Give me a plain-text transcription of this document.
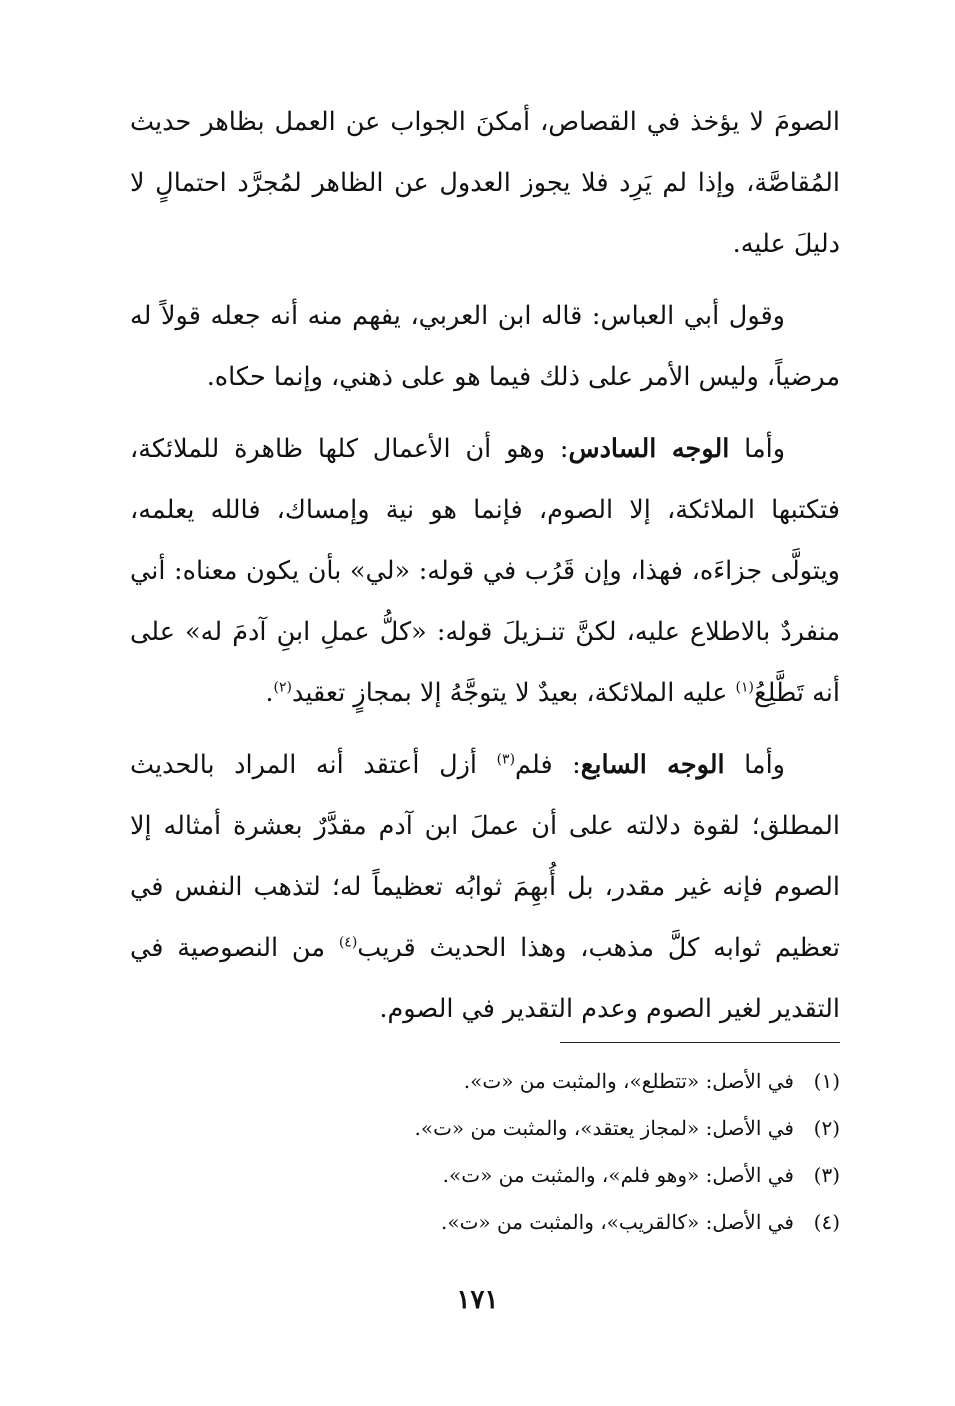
الصومَ لا يؤخذ في القصاص، أمكنَ الجواب عن العمل بظاهر حديث المُقاصَّة، وإذا لم يَرِد فلا يجوز العدول عن الظاهر لمُجرَّد احتمالٍ لا دليلَ عليه.

وقول أبي العباس: قاله ابن العربي، يفهم منه أنه جعله قولاً له مرضياً، وليس الأمر على ذلك فيما هو على ذهني، وإنما حكاه.

وأما الوجه السادس: وهو أن الأعمال كلها ظاهرة للملائكة، فتكتبها الملائكة، إلا الصوم، فإنما هو نية وإمساك، فالله يعلمه، ويتولَّى جزاءَه، فهذا، وإن قَرُب في قوله: «لي» بأن يكون معناه: أني منفردٌ بالاطلاع عليه، لكنَّ تنـزيلَ قوله: «كلُّ عملِ ابنِ آدمَ له» على أنه تَطَّلِعُ$^{(١)}$ عليه الملائكة، بعيدٌ لا يتوجَّهُ إلا بمجازٍ تعقيد$^{(٢)}$.

وأما الوجه السابع: فلم$^{(٣)}$ أزل أعتقد أنه المراد بالحديث المطلق؛ لقوة دلالته على أن عملَ ابن آدم مقدَّرٌ بعشرة أمثاله إلا الصوم فإنه غير مقدر، بل أُبهِمَ ثوابُه تعظيماً له؛ لتذهب النفس في تعظيم ثوابه كلَّ مذهب، وهذا الحديث قريب$^{(٤)}$ من النصوصية في التقدير لغير الصوم وعدم التقدير في الصوم.

(١)في الأصل: «تتطلع»، والمثبت من «ت».
(٢)في الأصل: «لمجاز يعتقد»، والمثبت من «ت».
(٣)في الأصل: «وهو فلم»، والمثبت من «ت».
(٤)في الأصل: «كالقريب»، والمثبت من «ت».
١٧١
